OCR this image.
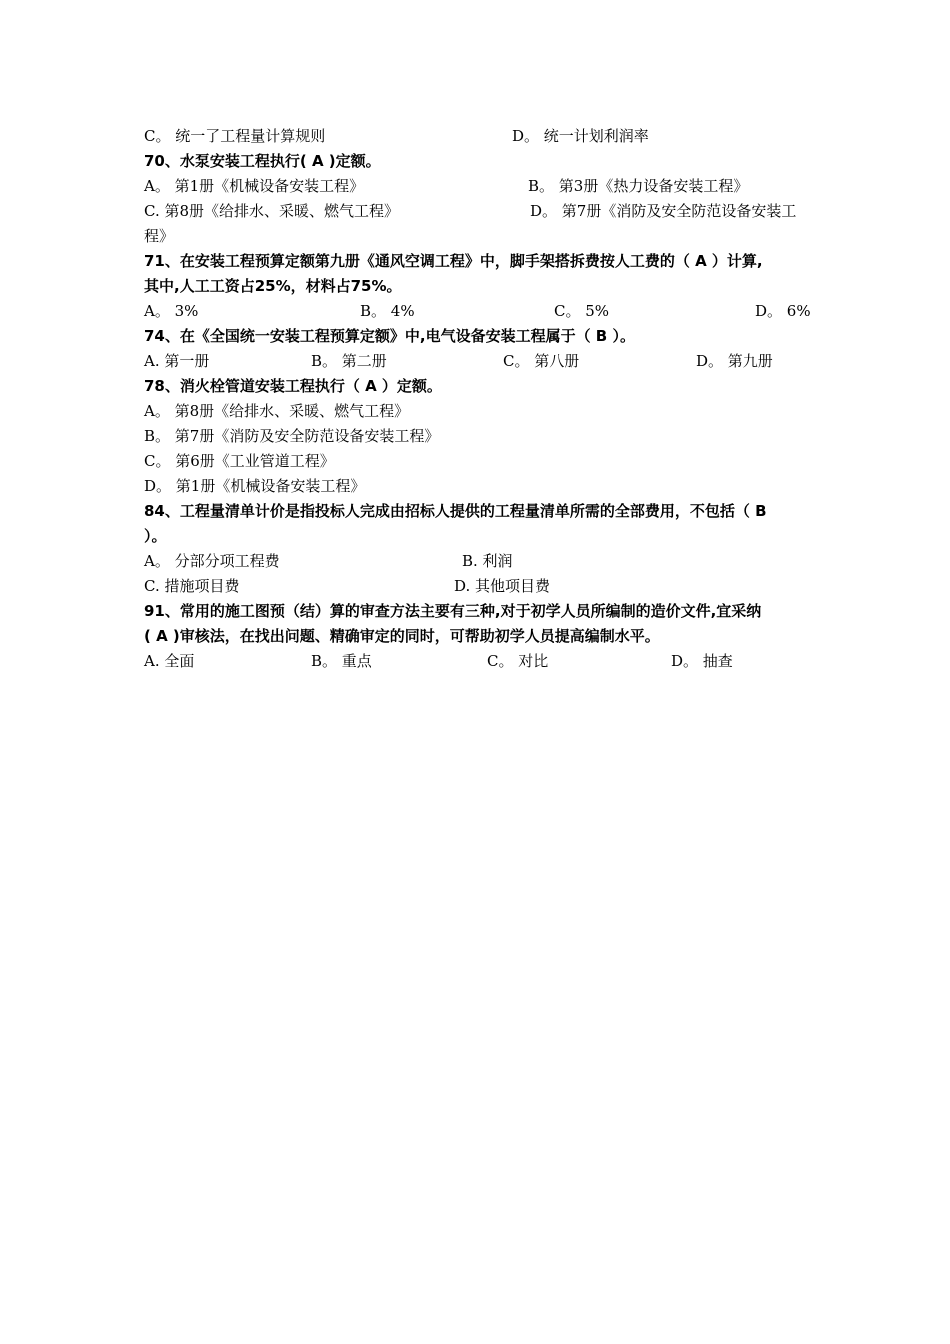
C。 统一了工程量计算规则	D。 统一计划利润率
70、水泵安装工程执行( A )定额。
A。 第1册《机械设备安装工程》	B。 第3册《热力设备安装工程》
C. 第8册《给排水、采暖、燃气工程》	D。 第7册《消防及安全防范设备安装工
程》
71、在安装工程预算定额第九册《通风空调工程》中，脚手架搭拆费按人工费的（ A ）计算,
其中,人工工资占25%，材料占75%。
A。 3%	B。 4%	C。 5%	D。 6%
74、在《全国统一安装工程预算定额》中,电气设备安装工程属于（ B ）。
A. 第一册	B。 第二册	C。 第八册	D。 第九册
78、消火栓管道安装工程执行（ A ）定额。
A。 第8册《给排水、采暖、燃气工程》
B。 第7册《消防及安全防范设备安装工程》
C。 第6册《工业管道工程》
D。 第1册《机械设备安装工程》
84、工程量清单计价是指投标人完成由招标人提供的工程量清单所需的全部费用，不包括（ B
）。
A。 分部分项工程费	B. 利润
C. 措施项目费	D. 其他项目费
91、常用的施工图预（结）算的审查方法主要有三种,对于初学人员所编制的造价文件,宜采纳
( A )审核法，在找出问题、精确审定的同时，可帮助初学人员提高编制水平。
A. 全面	B。 重点	C。 对比	D。 抽查
